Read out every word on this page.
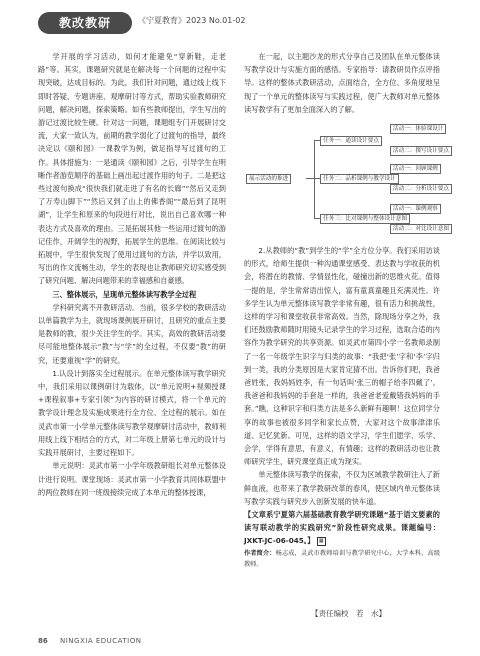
教改教研	《宁夏教育》2023 No.01-02

学开展的学习活动，如何才能避免“穿新鞋，走老路”等。其实，课题研究就是在解决每一个问题的过程中实现突破，达成目标的。为此，我们针对问题，通过线上线下即时答疑、专题讲座、观摩研讨等方式，帮助实验教师研究问题，解决问题，探索策略。如有些教师提出，学生写出的游记过渡比较生硬。针对这一问题，课题组专门开展研讨交流，大家一致认为，前期的教学弱化了过渡句的指导，最终决定以《颐和园》一课教学为例，做足指导写过渡句的工作。具体措施为：一是通读《颐和园》之后，引导学生在明晰作者游览顺序的基础上画出起过渡作用的句子。二是把这些过渡句换成“很快我们就走进了有名的长廊”“然后又走到了万寿山脚下”“然后又到了山上的佛香阁”“最后到了昆明湖”，让学生和原来的句段进行对比，说出自己喜欢哪一种表达方式及喜欢的理由。三是拓展其他一些运用过渡句的游记佳作，开阔学生的视野，拓展学生的思维。在阅读比较与拓展中，学生很快发现了使用过渡句的方法，并学以致用，写出的作文流畅生动，学生的表现也让教师研究切实感受到了研究问题、解决问题带来的幸福感和自豪感。

三、整体展示，呈现单元整体读写教学全过程

学科研究离不开教研活动。当前，很多学校的教研活动以单篇教学为主，就现场课例展开研讨，且研究的重点主要是教师的教，很少关注学生的学。其实，高效的教研活动要尽可能地整体展示“教”与“学”的全过程，不仅要“教”的研究，还要重视“学”的研究。

1.认设计到落实全过程展示。在单元整体读写教学研究中，我们采用以课例研讨为载体，以“单元说明+视频授课+课程叙事+专家引领”为内容的研讨模式，将一个单元的教学设计理念及实施成果进行全方位、全过程的展示。如在灵武市第一小学单元整体读写教学观摩研讨活动中，教师利用线上线下相结合的方式，对二年级上册第七单元的设计与实践开展研讨，主要过程如下。

单元说明：灵武市第一小学年级教研组长对单元整体设计进行说明。课堂现场：灵武市第一小学教育共同体联盟中的两位教师在同一班级接续完成了本单元的整体授课，

在一起，以主题沙龙的形式分享自己及团队在单元整体读写教学设计与实施方面的感悟。专家指导：请教研员作点评指导。这样的整体式教研活动，点面结合，全方位、多角度地呈现了一个单元的整体读写与实践过程，使广大教师对单元整体读写教学有了更加全面深入的了解。

展示活动的推进
任务一：通读设计要点
任务二：品析课例与教学设计
任务三：比对课例与整体设计意图
活动一：体验课设计
活动二：撰写设计要点
活动一：回顾课例
活动二：分析设计要点
活动一：课例观察
活动二：对比设计意图

2.从教师的“教”到学生的“学”全方位分享。我们采用访谈的形式，给师生提供一种沟通课堂感受、表达教与学收获的机会，将潜在的教情、学情显性化，碰撞出新的思维火花。值得一提的是，学生常常语出惊人，富有童真童趣且充满灵性。许多学生认为单元整体读写教学非常有趣，很有活力和挑战性，这样的学习和课堂收获非常高效。当然，除现场分享之外，我们还鼓励教师随时用镜头记录学生的学习过程，选取合适的内容作为教学研究的共享资源。如灵武市第四小学一名教师录制了一名一年级学生识字与归类的故事：“我把‘张’字和‘李’字归到一类，我的分类原因是大家肯定猜不出。告诉你们吧，我爸爸姓张，我妈妈姓李，有一句话叫‘张三的帽子给李四戴了’。我爸爸和我妈妈的手套是一样的，我爸爸老爱戴错我妈妈的手套。”瞧，这种识字和归类方法是多么新鲜有趣啊！这位同学分享的故事也被很多同学和家长点赞，大家对这个故事津津乐道、记忆犹新。可见，这样的语文学习，学生们愿学、乐学、会学，学得有意思，有意义，有情趣；这样的教研活动也让教师研究学生，研究课堂真正成为现实。

单元整体读写教学的探索，不仅为区域教学教研注入了新鲜血液，也带来了教学教研改革的春风，使区域内单元整体读写教学实践与研究步入创新发展的快车道。

【文章系宁夏第六届基础教育教学研究课题“基于语文要素的读写联动教学的实践研究”阶段性研究成果。课题编号：JXKT-JC-06-045。】 ▦

作者简介：杨志成，灵武市教师培训与教学研究中心，大学本科，高级教师。

【责任编校　若　水】
86 NINGXIA EDUCATION
